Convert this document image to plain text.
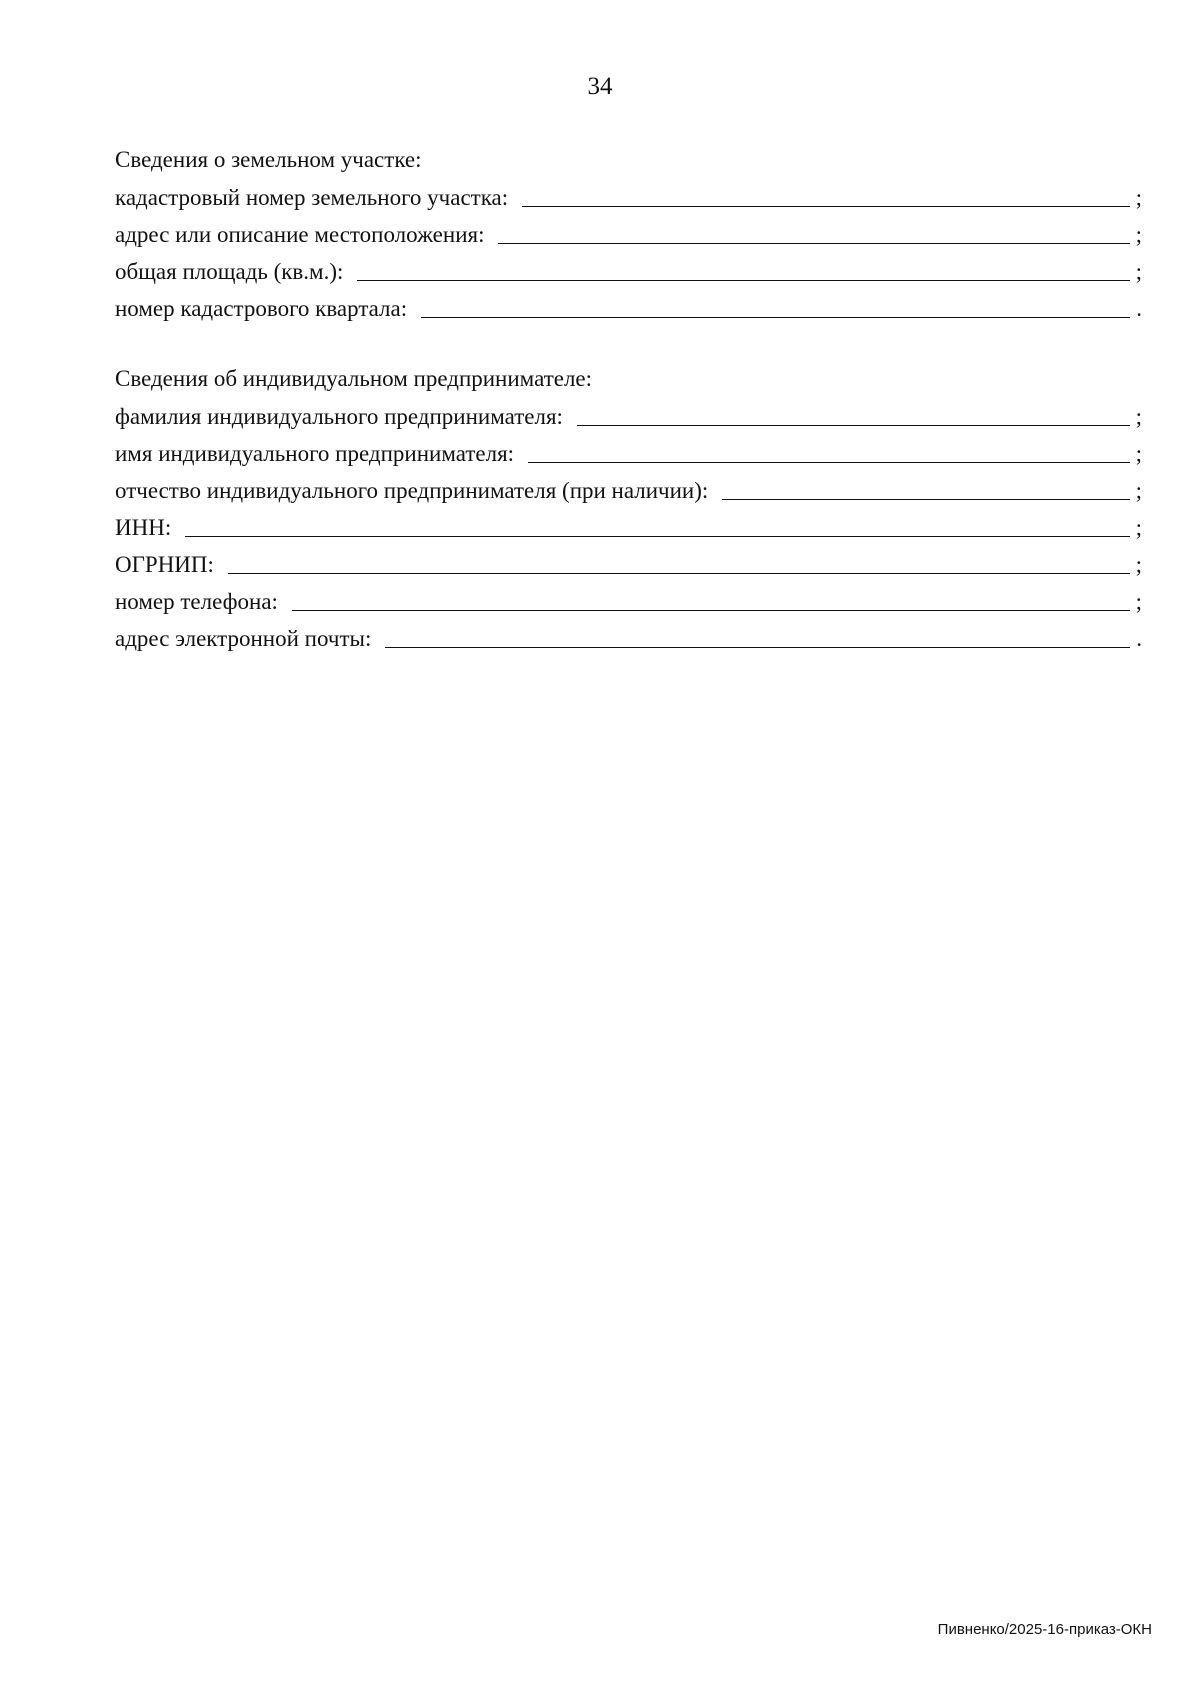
34
Сведения о земельном участке:
кадастровый номер земельного участка:	;
адрес или описание местоположения:	;
общая площадь (кв.м.):	;
номер кадастрового квартала:	.
Сведения об индивидуальном предпринимателе:
фамилия индивидуального предпринимателя:	;
имя индивидуального предпринимателя:	;
отчество индивидуального предпринимателя (при наличии):	;
ИНН:	;
ОГРНИП:	;
номер телефона:	;
адрес электронной почты:	.
Пивненко/2025-16-приказ-ОКН
